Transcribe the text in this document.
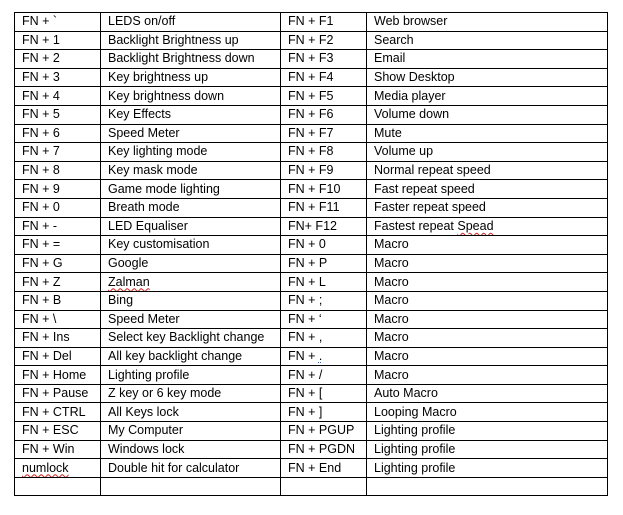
FN + `	LEDS on/off	FN + F1	Web browser
FN + 1	Backlight Brightness up	FN + F2	Search
FN + 2	Backlight Brightness down	FN + F3	Email
FN + 3	Key brightness up	FN + F4	Show Desktop
FN + 4	Key brightness down	FN + F5	Media player
FN + 5	Key Effects	FN + F6	Volume down
FN + 6	Speed Meter	FN + F7	Mute
FN + 7	Key lighting mode	FN + F8	Volume up
FN + 8	Key mask mode	FN + F9	Normal repeat speed
FN + 9	Game mode lighting	FN + F10	Fast repeat speed
FN + 0	Breath mode	FN + F11	Faster repeat speed
FN + -	LED Equaliser	FN+ F12	Fastest repeat Spead
FN + =	Key customisation	FN + 0	Macro
FN + G	Google	FN + P	Macro
FN + Z	Zalman	FN + L	Macro
FN + B	Bing	FN + ;	Macro
FN + \	Speed Meter	FN + ‘	Macro
FN + Ins	Select key Backlight change	FN + ,	Macro
FN + Del	All key backlight change	FN + .	Macro
FN + Home	Lighting profile	FN + /	Macro
FN + Pause	Z key or 6 key mode	FN + [	Auto Macro
FN + CTRL	All Keys lock	FN + ]	Looping Macro
FN + ESC	My Computer	FN + PGUP	Lighting profile
FN + Win	Windows lock	FN + PGDN	Lighting profile
numlock	Double hit for calculator	FN + End	Lighting profile
